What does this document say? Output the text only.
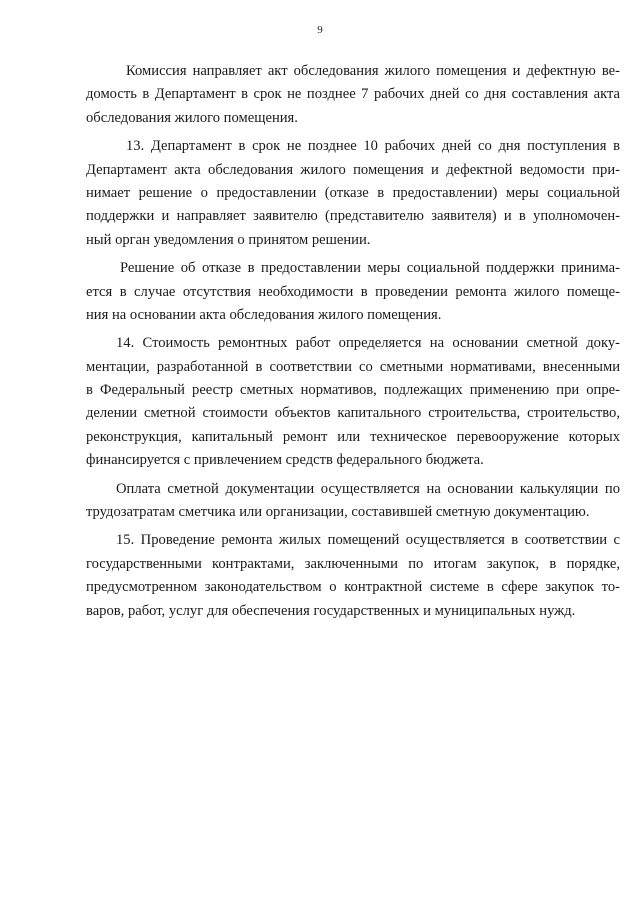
9
Комиссия направляет акт обследования жилого помещения и дефектную ве-
домость в Департамент в срок не позднее 7 рабочих дней со дня составления акта
обследования жилого помещения.
13. Департамент в срок не позднее 10 рабочих дней со дня поступления в
Департамент акта обследования жилого помещения и дефектной ведомости при-
нимает решение о предоставлении (отказе в предоставлении) меры социальной
поддержки и направляет заявителю (представителю заявителя) и в уполномочен-
ный орган уведомления о принятом решении.
Решение об отказе в предоставлении меры социальной поддержки принима-
ется в случае отсутствия необходимости в проведении ремонта жилого помеще-
ния на основании акта обследования жилого помещения.
14. Стоимость ремонтных работ определяется на основании сметной доку-
ментации, разработанной в соответствии со сметными нормативами, внесенными
в Федеральный реестр сметных нормативов, подлежащих применению при опре-
делении сметной стоимости объектов капитального строительства, строительство,
реконструкция, капитальный ремонт или техническое перевооружение которых
финансируется с привлечением средств федерального бюджета.
Оплата сметной документации осуществляется на основании калькуляции по
трудозатратам сметчика или организации, составившей сметную документацию.
15. Проведение ремонта жилых помещений осуществляется в соответствии с
государственными контрактами, заключенными по итогам закупок, в порядке,
предусмотренном законодательством о контрактной системе в сфере закупок то-
варов, работ, услуг для обеспечения государственных и муниципальных нужд.
